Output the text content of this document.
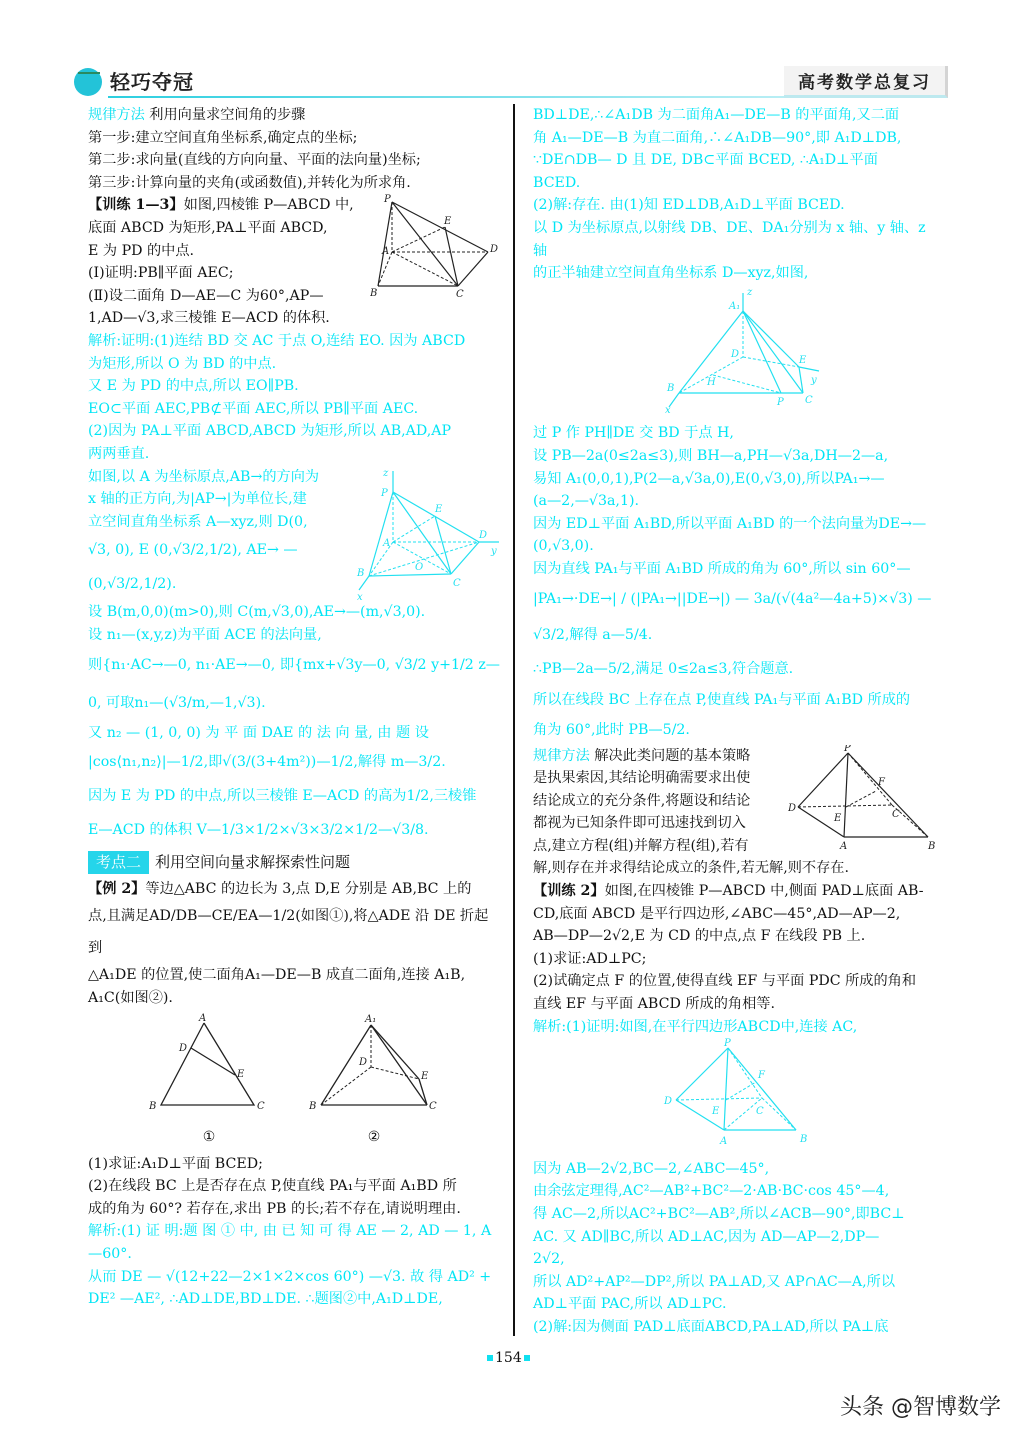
轻巧夺冠	高考数学总复习

规律方法 利用向量求空间角的步骤

第一步:建立空间直角坐标系,确定点的坐标;

第二步:求向量(直线的方向向量、平面的法向量)坐标;

第三步:计算向量的夹角(或函数值),并转化为所求角.

【训练 1—3】如图,四棱锥 P—ABCD 中,

底面 ABCD 为矩形,PA⊥平面 ABCD,

E 为 PD 的中点.

(Ⅰ)证明:PB∥平面 AEC;

(Ⅱ)设二面角 D—AE—C 为60°,AP—

P
E
A	D
B	C

1,AD—√3,求三棱锥 E—ACD 的体积.

解析:证明:(1)连结 BD 交 AC 于点 O,连结 EO. 因为 ABCD

为矩形,所以 O 为 BD 的中点.

又 E 为 PD 的中点,所以 EO∥PB.

EO⊂平面 AEC,PB⊄平面 AEC,所以 PB∥平面 AEC.

(2)因为 PA⊥平面 ABCD,ABCD 为矩形,所以 AB,AD,AP

两两垂直.

如图,以 A 为坐标原点,AB→的方向为

x 轴的正方向,为|AP→|为单位长,建

立空间直角坐标系 A—xyz,则 D(0,

√3, 0), E (0,√3/2,1/2), AE→ —

(0,√3/2,1/2).

z
P
E
A
D
y
O
B
C
x

设 B(m,0,0)(m>0),则 C(m,√3,0),AE→—(m,√3,0).

设 n₁—(x,y,z)为平面 ACE 的法向量,

则{n₁·AC→—0, n₁·AE→—0, 即{mx+√3y—0, √3/2 y+1/2 z—0, 可取n₁—(√3/m,—1,√3).

又 n₂ — (1, 0, 0) 为 平 面 DAE 的 法 向 量, 由 题 设

|cos⟨n₁,n₂⟩|—1/2,即√(3/(3+4m²))—1/2,解得 m—3/2.

因为 E 为 PD 的中点,所以三棱锥 E—ACD 的高为1/2,三棱锥

E—ACD 的体积 V—1/3×1/2×√3×3/2×1/2—√3/8.

考点二 利用空间向量求解探索性问题

【例 2】等边△ABC 的边长为 3,点 D,E 分别是 AB,BC 上的

点,且满足AD/DB—CE/EA—1/2(如图①),将△ADE 沿 DE 折起到

△A₁DE 的位置,使二面角A₁—DE—B 成直二面角,连接 A₁B,

A₁C(如图②).

A
D
E
B	C
①
A₁
D
E
B	C
②

(1)求证:A₁D⊥平面 BCED;

(2)在线段 BC 上是否存在点 P,使直线 PA₁与平面 A₁BD 所

成的角为 60°? 若存在,求出 PB 的长;若不存在,请说明理由.

解析:(1) 证 明:题 图 ① 中, 由 已 知 可 得 AE — 2, AD — 1, A

—60°.

从而 DE — √(12+22—2×1×2×cos 60°) —√3. 故 得 AD² +

DE² —AE², ∴AD⊥DE,BD⊥DE. ∴题图②中,A₁D⊥DE,

BD⊥DE,∴∠A₁DB 为二面角A₁—DE—B 的平面角,又二面

角 A₁—DE—B 为直二面角,∴∠A₁DB—90°,即 A₁D⊥DB,

∵DE∩DB— D 且 DE, DB⊂平面 BCED, ∴A₁D⊥平面

BCED.

(2)解:存在. 由(1)知 ED⊥DB,A₁D⊥平面 BCED.

以 D 为坐标原点,以射线 DB、DE、DA₁分别为 x 轴、y 轴、z 轴

的正半轴建立空间直角坐标系 D—xyz,如图,

A₁
z
D
E
y
H
B
x
P C

过 P 作 PH∥DE 交 BD 于点 H,

设 PB—2a(0≤2a≤3),则 BH—a,PH—√3a,DH—2—a,

易知 A₁(0,0,1),P(2—a,√3a,0),E(0,√3,0),所以PA₁→—

(a—2,—√3a,1).

因为 ED⊥平面 A₁BD,所以平面 A₁BD 的一个法向量为DE→—

(0,√3,0).

因为直线 PA₁与平面 A₁BD 所成的角为 60°,所以 sin 60°—

|PA₁→·DE→| / (|PA₁→||DE→|) — 3a/(√(4a²—4a+5)×√3) —√3/2,解得 a—5/4.

∴PB—2a—5/2,满足 0≤2a≤3,符合题意.

所以在线段 BC 上存在点 P,使直线 PA₁与平面 A₁BD 所成的

角为 60°,此时 PB—5/2.

规律方法 解决此类问题的基本策略

是执果索因,其结论明确需要求出使

结论成立的充分条件,将题设和结论

都视为已知条件即可迅速找到切入

点,建立方程(组)并解方程(组),若有

P
F
D
E	C
A	B

解,则存在并求得结论成立的条件,若无解,则不存在.

【训练 2】如图,在四棱锥 P—ABCD 中,侧面 PAD⊥底面 AB-

CD,底面 ABCD 是平行四边形,∠ABC—45°,AD—AP—2,

AB—DP—2√2,E 为 CD 的中点,点 F 在线段 PB 上.

(1)求证:AD⊥PC;

(2)试确定点 F 的位置,使得直线 EF 与平面 PDC 所成的角和

直线 EF 与平面 ABCD 所成的角相等.

解析:(1)证明:如图,在平行四边形ABCD中,连接 AC,

P
F
D
E	C
A	B

因为 AB—2√2,BC—2,∠ABC—45°,

由余弦定理得,AC²—AB²+BC²—2·AB·BC·cos 45°—4,

得 AC—2,所以AC²+BC²—AB²,所以∠ACB—90°,即BC⊥

AC. 又 AD∥BC,所以 AD⊥AC,因为 AD—AP—2,DP—

2√2,

所以 AD²+AP²—DP²,所以 PA⊥AD,又 AP∩AC—A,所以

AD⊥平面 PAC,所以 AD⊥PC.

(2)解:因为侧面 PAD⊥底面ABCD,PA⊥AD,所以 PA⊥底

154
头条 @智博数学
